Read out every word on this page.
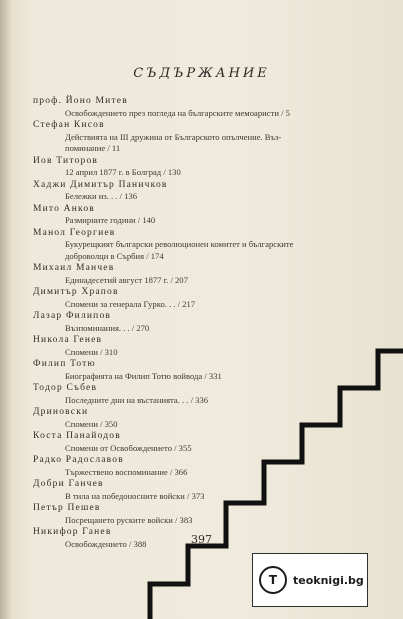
СЪДЪРЖАНИЕ
проф. Йоно Митев
Освобождението през погледа на българските мемоаристи / 5
Стефан Кисов
Действията на III дружина от Българското опълчение. Въз-
поминание / 11
Иов Титоров
12 април 1877 г. в Болград / 130
Хаджи Димитър Паничков
Бележки из. . . / 136
Мито Анков
Размирните години / 140
Манол Георгиев
Букурещкият български революционен комитет и българските
доброволци в Сърбия / 174
Михаил Манчев
Единадесетий август 1877 г. / 207
Димитър Храпов
Спомени за генерала Гурко. . . / 217
Лазар Филипов
Възпоминания. . . / 270
Никола Генев
Спомени / 310
Филип Тотю
Биографията на Филип Тотю войвода / 331
Тодор Събев
Последните дни на въстанията. . . / 336
Дриновски
Спомени / 350
Коста Панайодов
Спомени от Освобождението / 355
Радко Радославов
Тържествено воспоминание / 366
Добри Ганчев
В тила на победоносните войски / 373
Петър Пешев
Посрещането руските войски / 383
Никифор Ганев
Освобождението / 388	397
T teoknigi.bg
